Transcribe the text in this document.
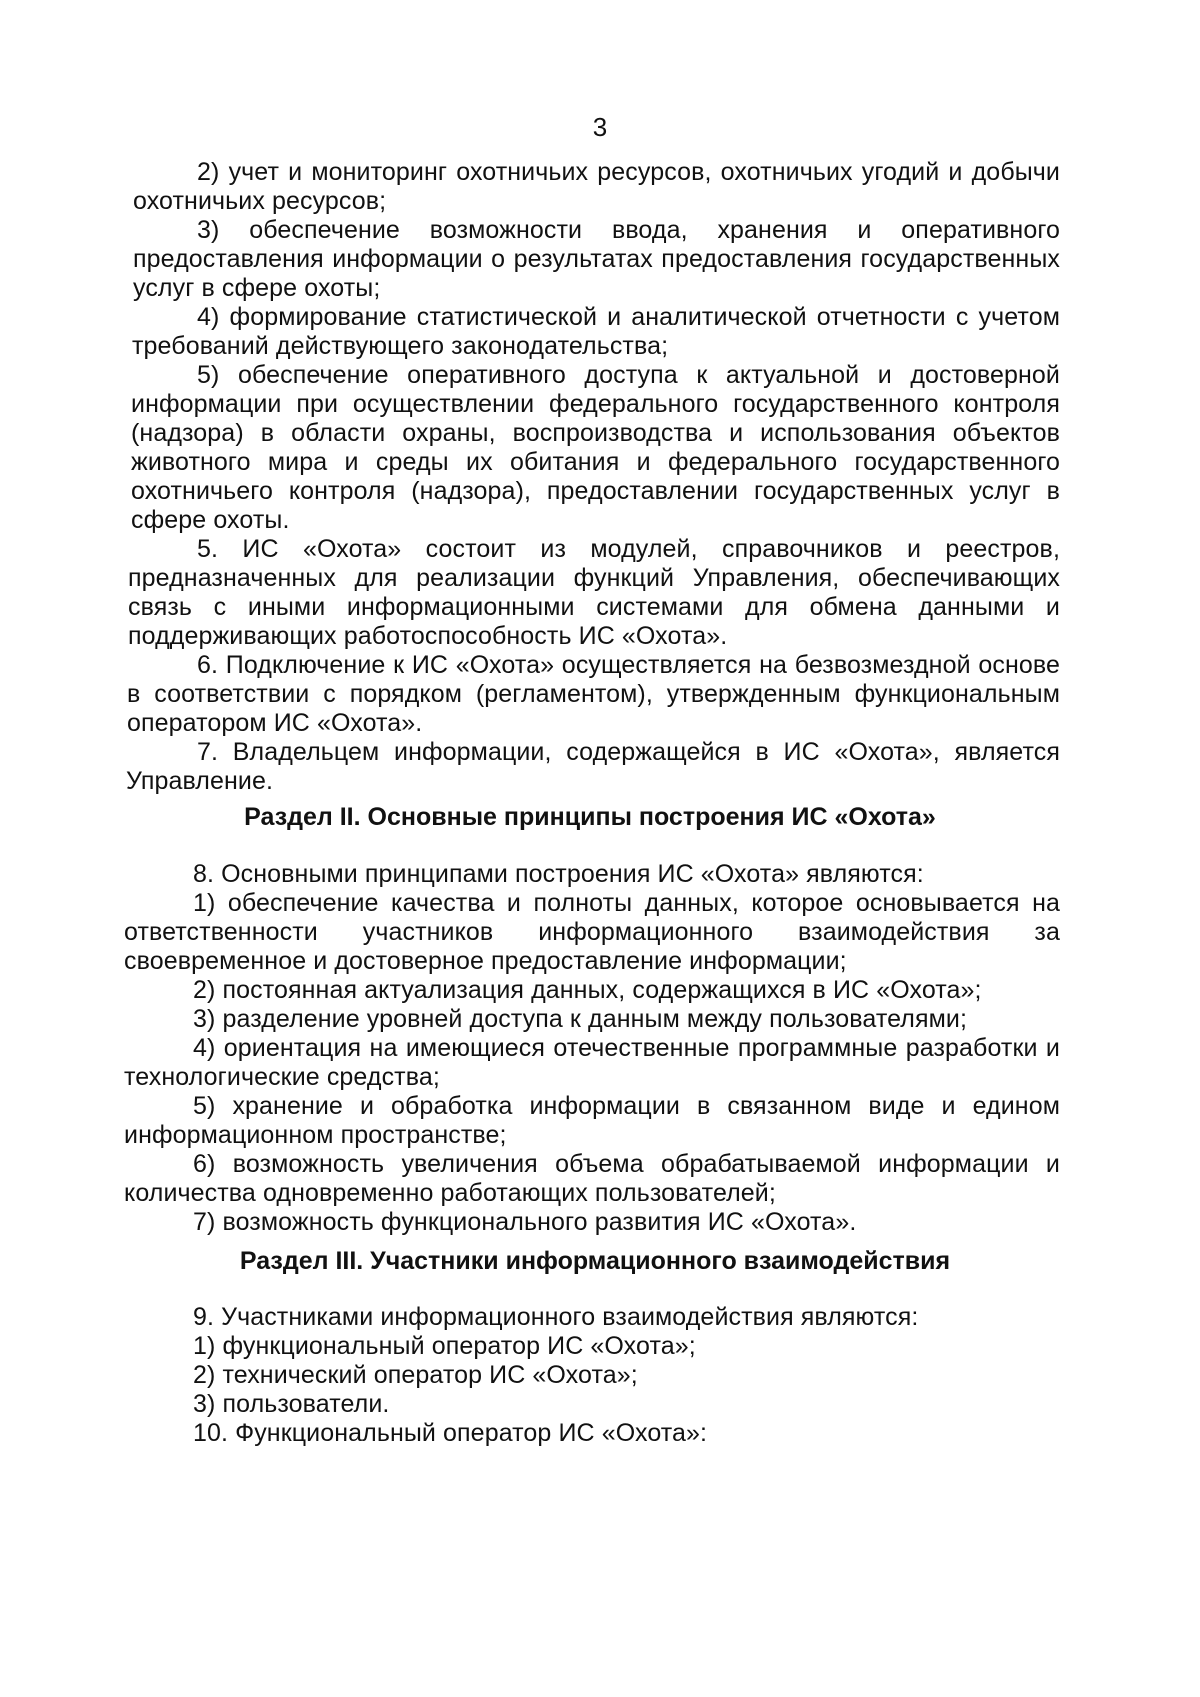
3

2) учет и мониторинг охотничьих ресурсов, охотничьих угодий и добычи охотничьих ресурсов;

3) обеспечение возможности ввода, хранения и оперативного предоставления информации о результатах предоставления государственных услуг в сфере охоты;

4) формирование статистической и аналитической отчетности с учетом требований действующего законодательства;

5) обеспечение оперативного доступа к актуальной и достоверной информации при осуществлении федерального государственного контроля (надзора) в области охраны, воспроизводства и использования объектов животного мира и среды их обитания и федерального государственного охотничьего контроля (надзора), предоставлении государственных услуг в сфере охоты.

5. ИС «Охота» состоит из модулей, справочников и реестров, предназначенных для реализации функций Управления, обеспечивающих связь с иными информационными системами для обмена данными и поддерживающих работоспособность ИС «Охота».

6. Подключение к ИС «Охота» осуществляется на безвозмездной основе в соответствии с порядком (регламентом), утвержденным функциональным оператором ИС «Охота».

7. Владельцем информации, содержащейся в ИС «Охота», является Управление.

Раздел II. Основные принципы построения ИС «Охота»

8. Основными принципами построения ИС «Охота» являются:

1) обеспечение качества и полноты данных, которое основывается на ответственности участников информационного взаимодействия за своевременное и достоверное предоставление информации;

2) постоянная актуализация данных, содержащихся в ИС «Охота»;

3) разделение уровней доступа к данным между пользователями;

4) ориентация на имеющиеся отечественные программные разработки и технологические средства;

5) хранение и обработка информации в связанном виде и едином информационном пространстве;

6) возможность увеличения объема обрабатываемой информации и количества одновременно работающих пользователей;

7) возможность функционального развития ИС «Охота».

Раздел III. Участники информационного взаимодействия

9. Участниками информационного взаимодействия являются:

1) функциональный оператор ИС «Охота»;

2) технический оператор ИС «Охота»;

3) пользователи.

10. Функциональный оператор ИС «Охота»:
